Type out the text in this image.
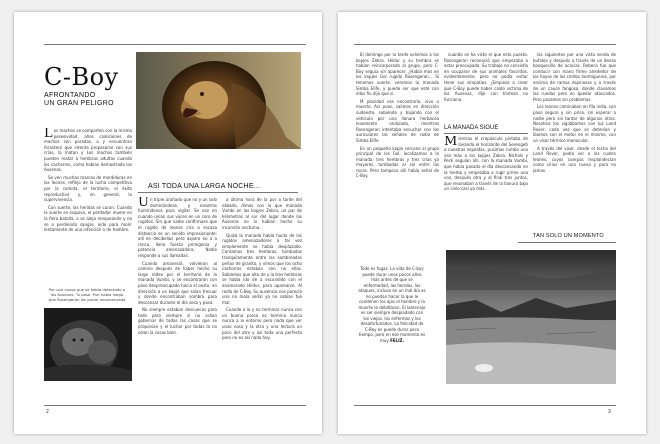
C-Boy
AFRONTANDO
UN GRAN PELIGRO

Los machos se comparten con la misma posesividad, años coaliciones de machos son paradas, a y encuentran forastero que intenta propasarse con sus crías, la matan y Los machos también pueden matar a hembras adultas cuando los cachorros, como habían demostrado los Ausenas.

Se ven muchas marcas de mordiduras en los leones, reflejo de la lucha competitiva por la comida, el territorio, el éxito reproductivo y, en general, la supervivencia.

Con suerte, las heridas se curan. Cuando la suerte es esquiva, el perdedor muere en la fiera batalla, o se aleja renqueando y no se o perdiendo sangre, oído para morir lentamente de una infección o de hambre.

Por una causa que se había detectado a los Ausenas, Tu pose. Pue había luego que Rosengeran los punte recomenzada
ASI TODA UNA LARGA NOCHE...

Un triple arañado que no y un solo dominándose, y nosotros fuimindonos para vigilar. Se vez en cuando unian sus voces en un coro de rugídos. Sin que nadie confirmase que el rugído de leones cría a escasa distancia es un sonido impresionante: allí en decibelios pero áspero no a a ronco, lleno fuerza primigenia y potencia amenazadora. Nadie responde a sus llamadas.

Cuando amaneció, volvieron al camino después de haber hecho su largo rodeo por el territorio de la manada Vumbi, y se encontraron con paso despreocupado hacia el oeste, en dirección a un kopje que solan frecuar y donde encontraban sombra para descansar durante el día sosa y posa.

No siempre estaban descuecas para todo pero siempre si no solían gobernar de todas las cosas que se proponian y el luchar por todas la no solan la cosas bien.

a última hora de la por a tarde del sábado, dimos con la que manada Vumbi en las kopjes Zebra, un par de kilómetros al sur del lugar donde los Ausenas no lo habían hecho su incursión nocturna.

Quizá la manada había huido de los rugídos amenazadores a tal vez simplemente se había desplazado. Contamos tres hembras, tumbadas tranquilamente entre las sombreadas peñas de granito, y vimos que los ocho cachorros estaban con no ellas. Sabíamos que alto de y la tres hembras se había ido de a escondido con el enamorado Hildur, para aparearse. Al radio de C-Boy. Su ausencia nos pareció una no mala señal ya no sabían fue mal.

Cuando a la y no terminar nunca con un buena presa no termina nunca nunca a lo entorno pero nada que ver unas cosa y la otra y una lectura un poco del otro y así toda una perfecta pero no es así nada hoy.

2

El domingo por la tarde volvimos a los kopjes Zebra. Hildur y su hembra se habían reincorporado al grupo, pero C-Boy seguía sin aparecer. ¿Había mos en los kopjes Gol rugído Rosengeran... Si tenemos suerte, veremos la manada Simba Elife, y puede ser que esté con ellos fiu dijo que si.

M plocidad era encontrarlo, vivo o muerto. Así pues, salimos en dirección sudoeste, subiendo y bajando con el vehículo por una llanura herbácea levemente ondulada, mientras Rosengeran intentaba escuchar con los auriculares las señales de radio de Simba Elife.

En un pequeño kopje cercano al grupo principal de los Gol, localizamos a la manada: tres hembras y tres crías ya mayores, tumbadas al sol entre las rocas. Pero tampoco allí había señal de C-Boy.

cuando se ha visto el que esto puesto. Rosengeran reconoció que empezaba a estar preocupado. Su trabajo no consistía en ocuparse de sus animales favoritos, evidentemente, pero no podía evitar tener sus simpatías. ¿Empieza a creer que C-Boy puede haber caído víctima de los Ausenas, díjo con tristeza no funciona.

LA MANADA SIGUE

Mientras el crepúsculo pintaba de lavanda el horizonte del Serengeti a nuestras espaldas, pusimos rumbo una vez más a los kopjes Zebra. Nichols y Peck seguían allí, con la manada Vumbi, que había pasado el día descansando en la hierba y empezaba a rugir prime una voz, después otra y al final tres juntos, que resonaban a través de la llanura bajo un cielo casi ya más.

las siguientes por una vista senda de bufalos y después a través de un denso bosquecillo de acacias. Rebeca fue que conducir con mano firme alrededor de los hoyos de los cerdos hormigueros, por encima de ramas espinosas y a través de un cauce fangoso, donde clavamos las ruedas pero no quedar atascados. Pero pasamos sin problemas.

Los leones caminaban en fila india, con paso seguro y sin prisa, sin esperar a nadie pero sin tardar de algunos otros. Nosotros los vigilábamos con luz Land Rover, cada vez que se detenían y íbamos con el motor en el mínimo, con un visor térmico monocular.

A través del visor, desde el techo del Land Rover, podía ver a los cuatro leones, cuyos cuerpos resplandecían como cirios en una cueva y para no jamas.

TAN SOLO UN MOMENTO
Todo es fugaz. La vida de C-boy puede durar unos pocos años más antes de que se enfermedad, las heridas, los ataques, incluso en un mal día es no puedan hacer la que le condenen los ojos el hombre y la muerte lo debíltaron. El lamenaje es ser siempre despiadado con los viejos, los enfermos y los desafortunados. Lo felicidad de C-Boy es puede durar poco tiempo, pero en ese momento es muy FELIZ.
3
